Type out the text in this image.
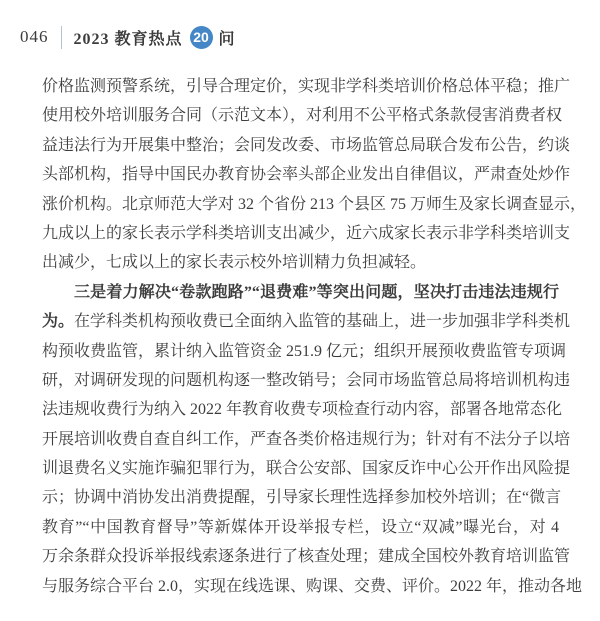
046 2023 教育热点 20 问
价格监测预警系统，引导合理定价，实现非学科类培训价格总体平稳；推广
使用校外培训服务合同（示范文本），对利用不公平格式条款侵害消费者权
益违法行为开展集中整治；会同发改委、市场监管总局联合发布公告，约谈
头部机构，指导中国民办教育协会率头部企业发出自律倡议，严肃查处炒作
涨价机构。北京师范大学对 32 个省份 213 个县区 75 万师生及家长调查显示，
九成以上的家长表示学科类培训支出减少，近六成家长表示非学科类培训支
出减少，七成以上的家长表示校外培训精力负担减轻。
三是着力解决“卷款跑路”“退费难”等突出问题，坚决打击违法违规行
为。在学科类机构预收费已全面纳入监管的基础上，进一步加强非学科类机
构预收费监管，累计纳入监管资金 251.9 亿元；组织开展预收费监管专项调
研，对调研发现的问题机构逐一整改销号；会同市场监管总局将培训机构违
法违规收费行为纳入 2022 年教育收费专项检查行动内容，部署各地常态化
开展培训收费自查自纠工作，严查各类价格违规行为；针对有不法分子以培
训退费名义实施诈骗犯罪行为，联合公安部、国家反诈中心公开作出风险提
示；协调中消协发出消费提醒，引导家长理性选择参加校外培训；在“微言
教育”“中国教育督导”等新媒体开设举报专栏，设立“双减”曝光台，对 4
万余条群众投诉举报线索逐条进行了核查处理；建成全国校外教育培训监管
与服务综合平台 2.0，实现在线选课、购课、交费、评价。2022 年，推动各地
